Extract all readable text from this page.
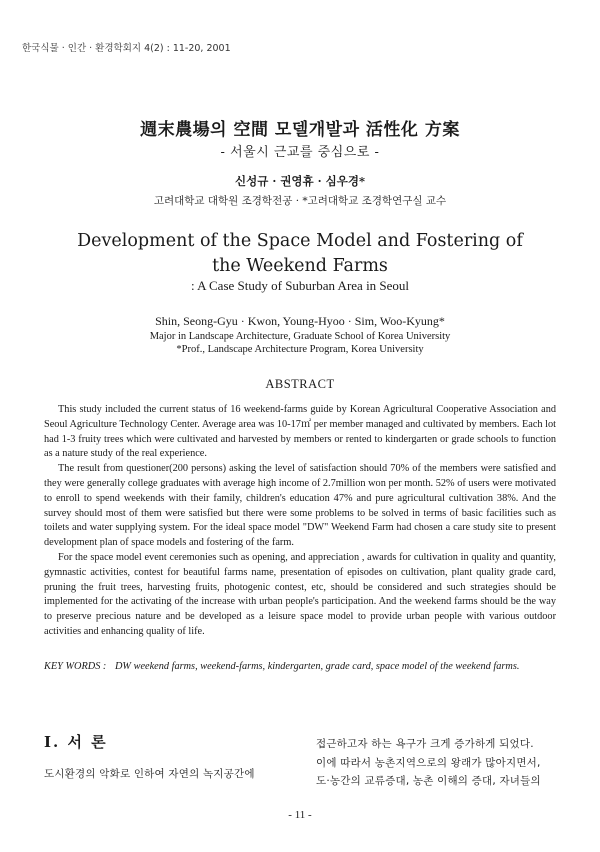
한국식물 · 인간 · 환경학회지 4(2) : 11-20, 2001
週末農場의 空間 모델개발과 活性化 方案
- 서울시 근교를 중심으로 -
신성규 · 권영휴 · 심우경*
고려대학교 대학원 조경학전공 · *고려대학교 조경학연구실 교수
Development of the Space Model and Fostering of
the Weekend Farms
: A Case Study of Suburban Area in Seoul
Shin, Seong-Gyu · Kwon, Young-Hyoo · Sim, Woo-Kyung*
Major in Landscape Architecture, Graduate School of Korea University
*Prof., Landscape Architecture Program, Korea University
ABSTRACT

This study included the current status of 16 weekend-farms guide by Korean Agricultural Cooperative Association and Seoul Agriculture Technology Center. Average area was 10-17㎡ per member managed and cultivated by members. Each lot had 1-3 fruity trees which were cultivated and harvested by members or rented to kindergarten or grade schools to function as a nature study of the real experience.

The result from questioner(200 persons) asking the level of satisfaction should 70% of the members were satisfied and they were generally college graduates with average high income of 2.7million won per month. 52% of users were motivated to enroll to spend weekends with their family, children's education 47% and pure agricultural cultivation 38%. And the survey should most of them were satisfied but there were some problems to be solved in terms of basic facilities such as toilets and water supplying system. For the ideal space model "DW" Weekend Farm had chosen a care study site to present development plan of space models and fostering of the farm.

For the space model event ceremonies such as opening, and appreciation , awards for cultivation in quality and quantity, gymnastic activities, contest for beautiful farms name, presentation of episodes on cultivation, plant quality grade card, pruning the fruit trees, harvesting fruits, photogenic contest, etc, should be considered and such strategies should be implemented for the activating of the increase with urban people's participation. And the weekend farms should be the way to preserve precious nature and be developed as a leisure space model to provide urban people with various outdoor activities and enhancing quality of life.

KEY WORDS : DW weekend farms, weekend-farms, kindergarten, grade card, space model of the weekend farms.
Ⅰ. 서 론
도시환경의 악화로 인하여 자연의 녹지공간에
접근하고자 하는 욕구가 크게 증가하게 되었다.
이에 따라서 농촌지역으로의 왕래가 많아지면서,
도·농간의 교류증대, 농촌 이해의 증대, 자녀들의
- 11 -
